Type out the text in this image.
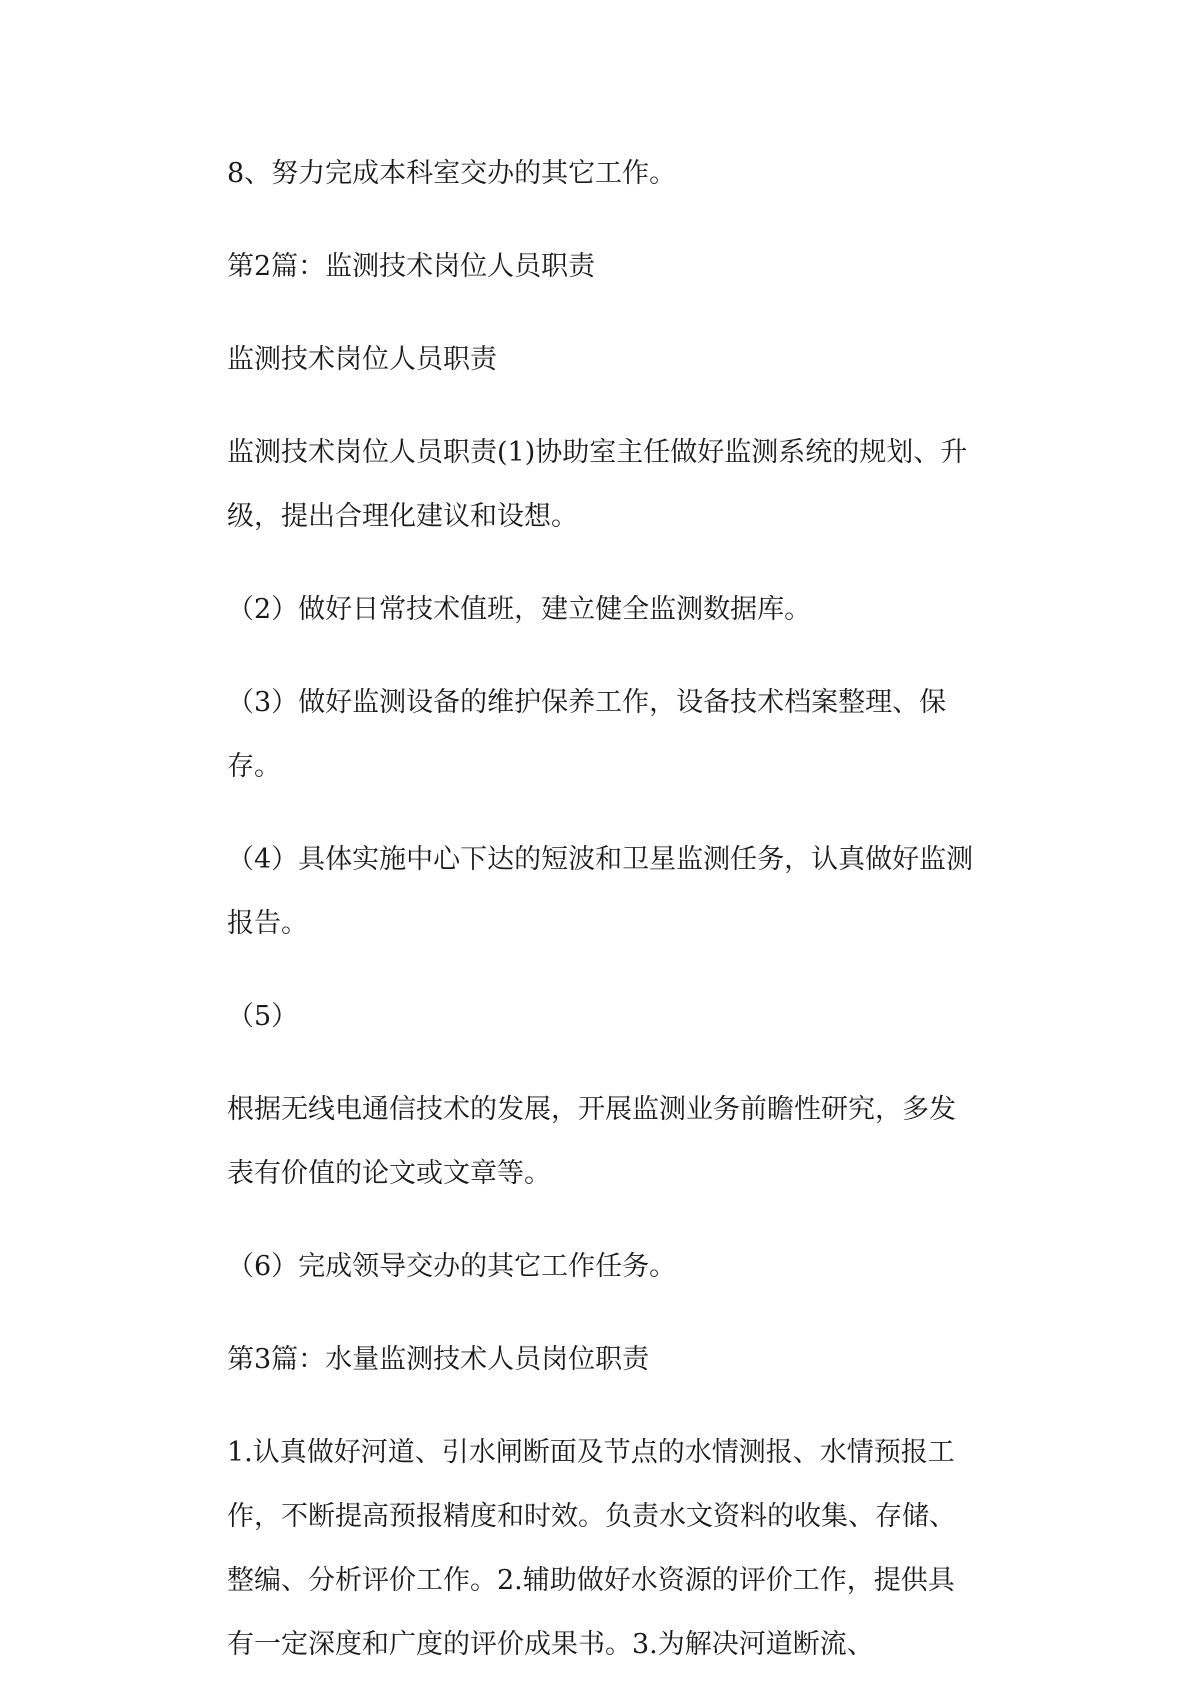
8、努力完成本科室交办的其它工作。

第2篇：监测技术岗位人员职责

监测技术岗位人员职责

监测技术岗位人员职责(1)协助室主任做好监测系统的规划、升级，提出合理化建议和设想。

（2）做好日常技术值班，建立健全监测数据库。

（3）做好监测设备的维护保养工作，设备技术档案整理、保存。

（4）具体实施中心下达的短波和卫星监测任务，认真做好监测报告。

（5）

根据无线电通信技术的发展，开展监测业务前瞻性研究，多发表有价值的论文或文章等。

（6）完成领导交办的其它工作任务。

第3篇：水量监测技术人员岗位职责

1.认真做好河道、引水闸断面及节点的水情测报、水情预报工作，不断提高预报精度和时效。负责水文资料的收集、存储、整编、分析评价工作。2.辅助做好水资源的评价工作，提供具有一定深度和广度的评价成果书。3.为解决河道断流、
